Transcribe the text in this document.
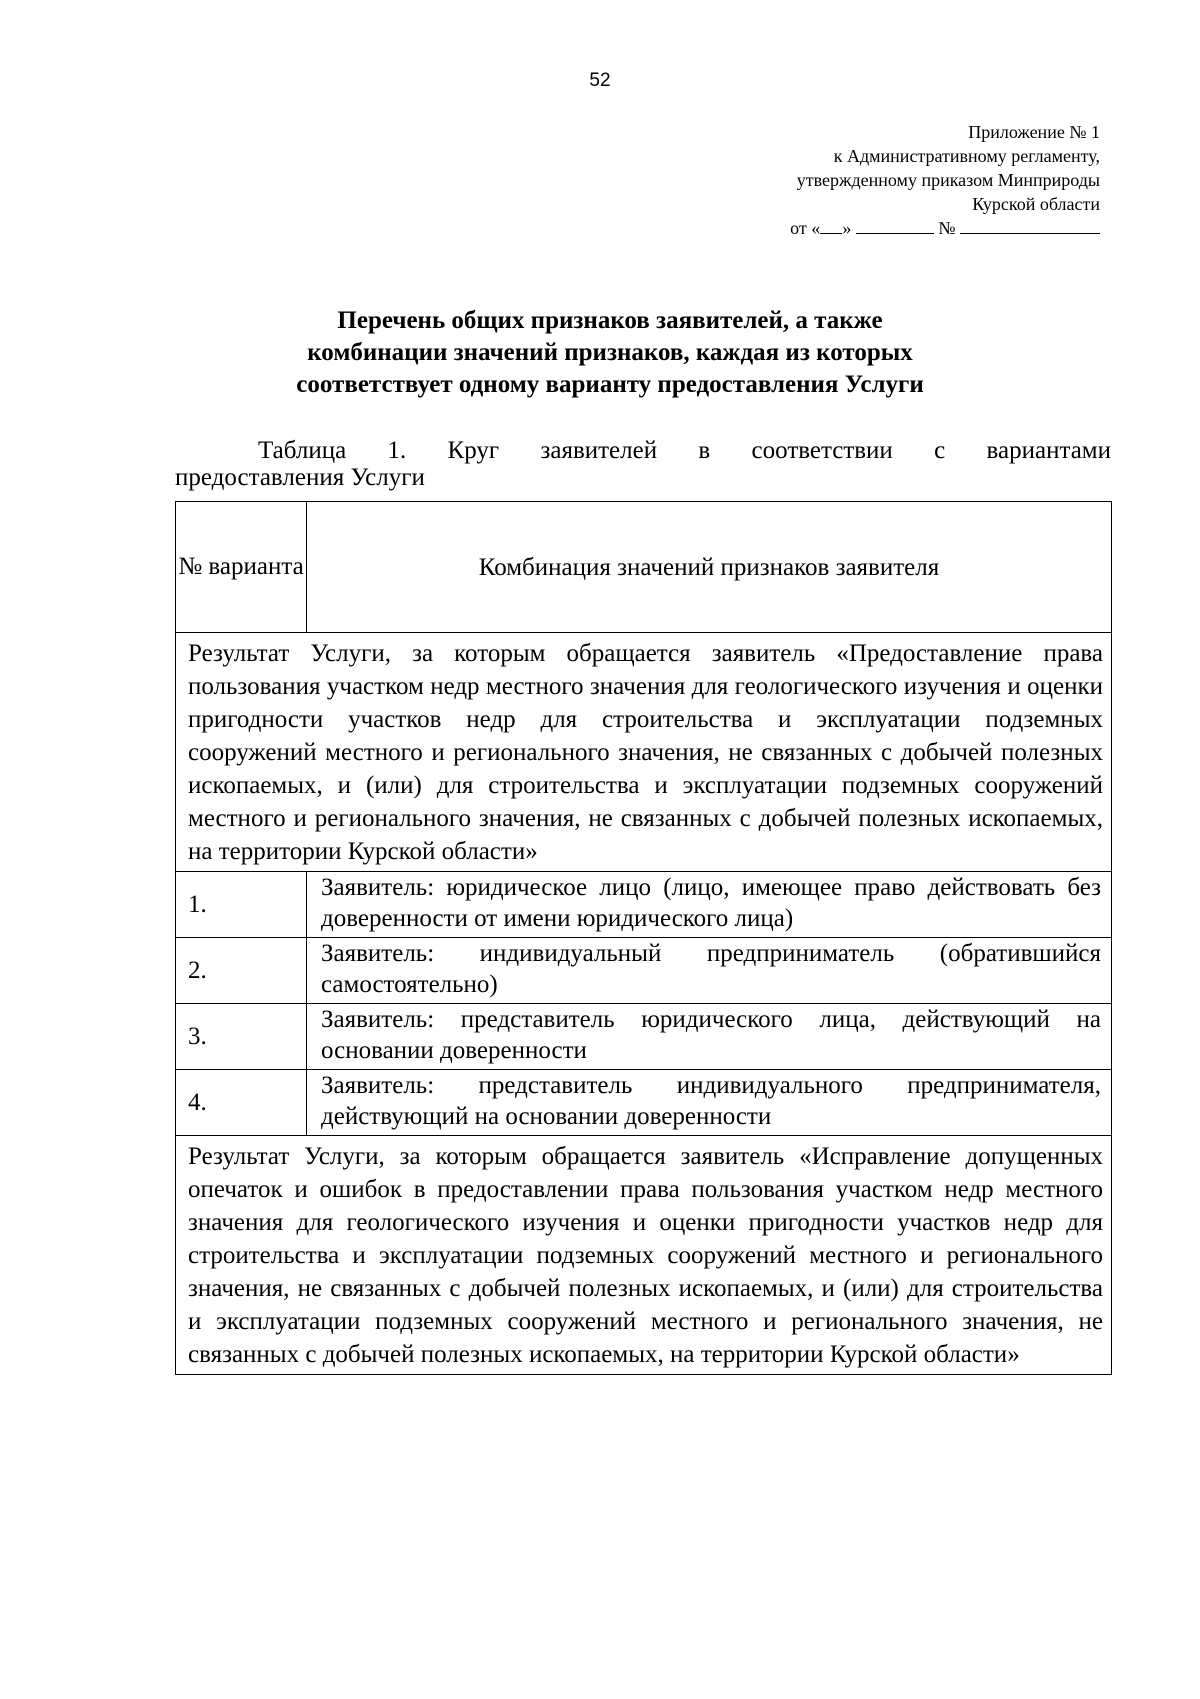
52
Приложение № 1
к Административному регламенту,
утвержденному приказом Минприроды
Курской области
от « »	№
Перечень общих признаков заявителей, а также
комбинации значений признаков, каждая из которых
соответствует одному варианту предоставления Услуги
Таблица 1. Круг заявителей в соответствии с вариантами
предоставления Услуги
№ варианта	Комбинация значений признаков заявителя
Результат Услуги, за которым обращается заявитель «Предоставление права пользования участком недр местного значения для геологического изучения и оценки пригодности участков недр для строительства и эксплуатации подземных сооружений местного и регионального значения, не связанных с добычей полезных ископаемых, и (или) для строительства и эксплуатации подземных сооружений местного и регионального значения, не связанных с добычей полезных ископаемых, на территории Курской области»	
1.	Заявитель: юридическое лицо (лицо, имеющее право действовать без доверенности от имени юридического лица)
2.	Заявитель: индивидуальный предприниматель (обратившийся самостоятельно)
3.	Заявитель: представитель юридического лица, действующий на основании доверенности
4.	Заявитель: представитель индивидуального предпринимателя, действующий на основании доверенности
Результат Услуги, за которым обращается заявитель «Исправление допущенных опечаток и ошибок в предоставлении права пользования участком недр местного значения для геологического изучения и оценки пригодности участков недр для строительства и эксплуатации подземных сооружений местного и регионального значения, не связанных с добычей полезных ископаемых, и (или) для строительства и эксплуатации подземных сооружений местного и регионального значения, не связанных с добычей полезных ископаемых, на территории Курской области»	
